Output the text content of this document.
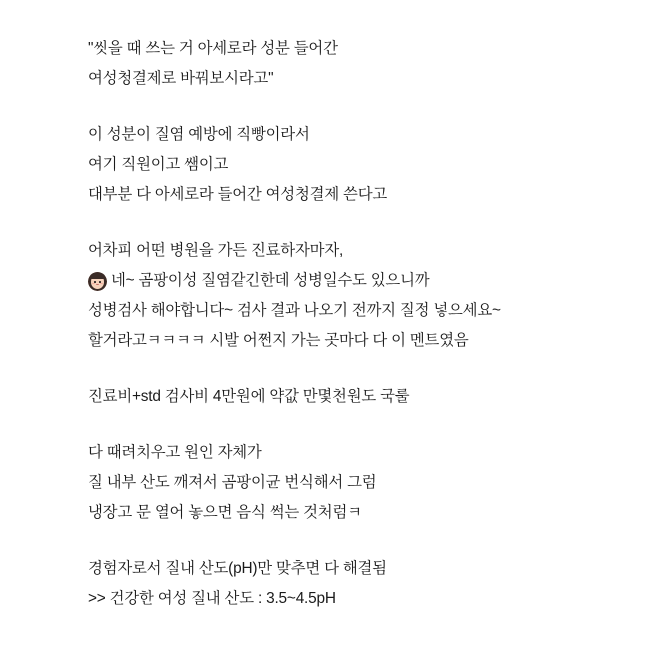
"씻을 때 쓰는 거 아세로라 성분 들어간
여성청결제로 바꿔보시라고"
이 성분이 질염 예방에 직빵이라서
여기 직원이고 쌤이고
대부분 다 아세로라 들어간 여성청결제 쓴다고
어차피 어떤 병원을 가든 진료하자마자,

네~ 곰팡이성 질염같긴한데 성병일수도 있으니까
성병검사 해야합니다~ 검사 결과 나오기 전까지 질정 넣으세요~
할거라고ㅋㅋㅋㅋ 시발 어쩐지 가는 곳마다 다 이 멘트였음
진료비+std 검사비 4만원에 약값 만몇천원도 국룰
다 때려치우고 원인 자체가
질 내부 산도 깨져서 곰팡이균 번식해서 그럼
냉장고 문 열어 놓으면 음식 썩는 것처럼ㅋ
경험자로서 질내 산도(pH)만 맞추면 다 해결됨
>> 건강한 여성 질내 산도 : 3.5~4.5pH
